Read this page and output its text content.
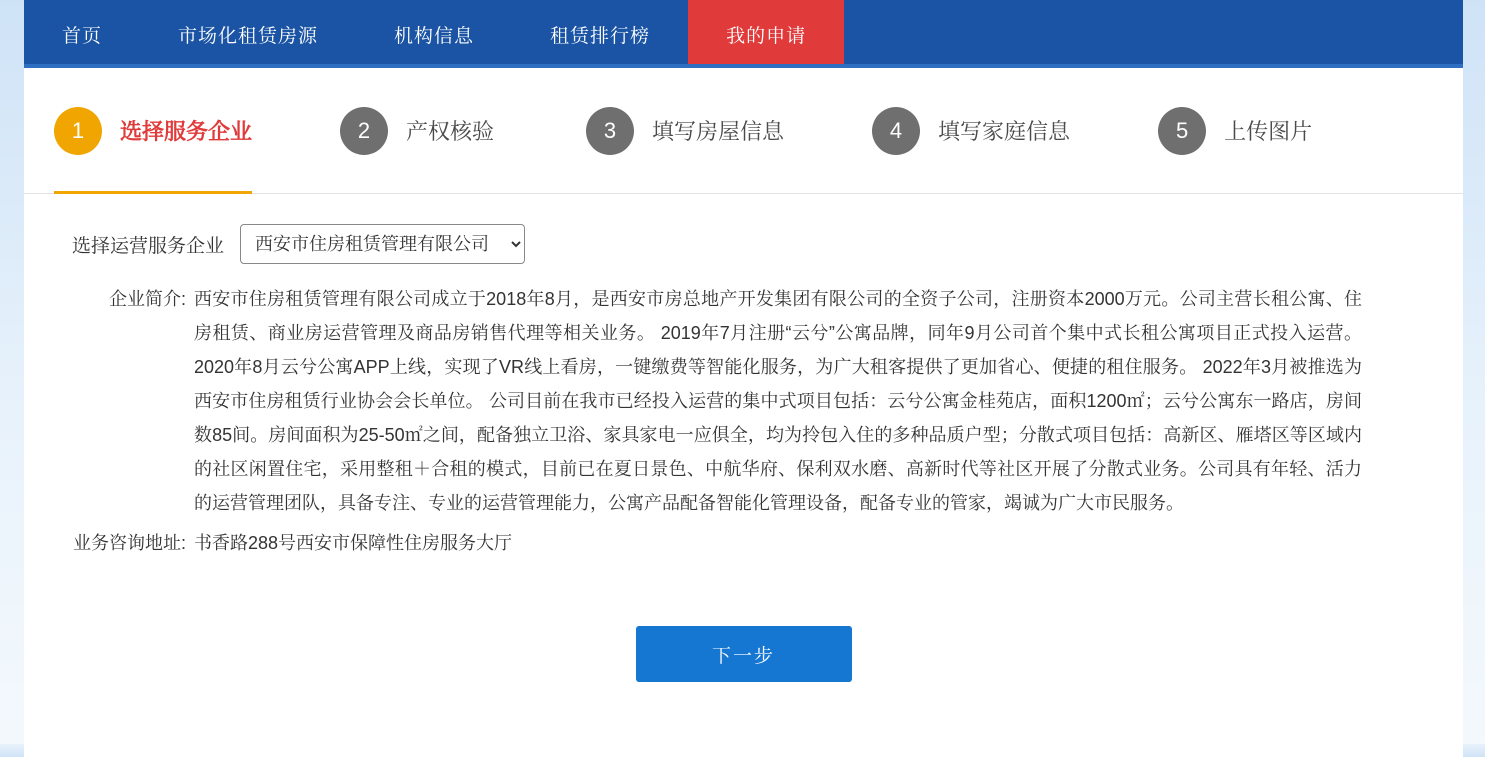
首页	市场化租赁房源	机构信息	租赁排行榜	我的申请
1	选择服务企业	2	产权核验	3	填写房屋信息	4	填写家庭信息	5	上传图片
选择运营服务企业
西安市住房租赁管理有限公司
企业简介: 西安市住房租赁管理有限公司成立于2018年8月，是西安市房总地产开发集团有限公司的全资子公司，注册资本2000万元。公司主营长租公寓、住房租赁、商业房运营管理及商品房销售代理等相关业务。 2019年7月注册“云兮”公寓品牌，同年9月公司首个集中式长租公寓项目正式投入运营。 2020年8月云兮公寓APP上线，实现了VR线上看房，一键缴费等智能化服务，为广大租客提供了更加省心、便捷的租住服务。 2022年3月被推选为西安市住房租赁行业协会会长单位。 公司目前在我市已经投入运营的集中式项目包括：云兮公寓金桂苑店，面积1200㎡；云兮公寓东一路店，房间数85间。房间面积为25-50㎡之间，配备独立卫浴、家具家电一应俱全，均为拎包入住的多种品质户型；分散式项目包括：高新区、雁塔区等区域内的社区闲置住宅，采用整租＋合租的模式，目前已在夏日景色、中航华府、保利双水磨、高新时代等社区开展了分散式业务。公司具有年轻、活力的运营管理团队，具备专注、专业的运营管理能力，公寓产品配备智能化管理设备，配备专业的管家，竭诚为广大市民服务。
业务咨询地址: 书香路288号西安市保障性住房服务大厅
下一步
